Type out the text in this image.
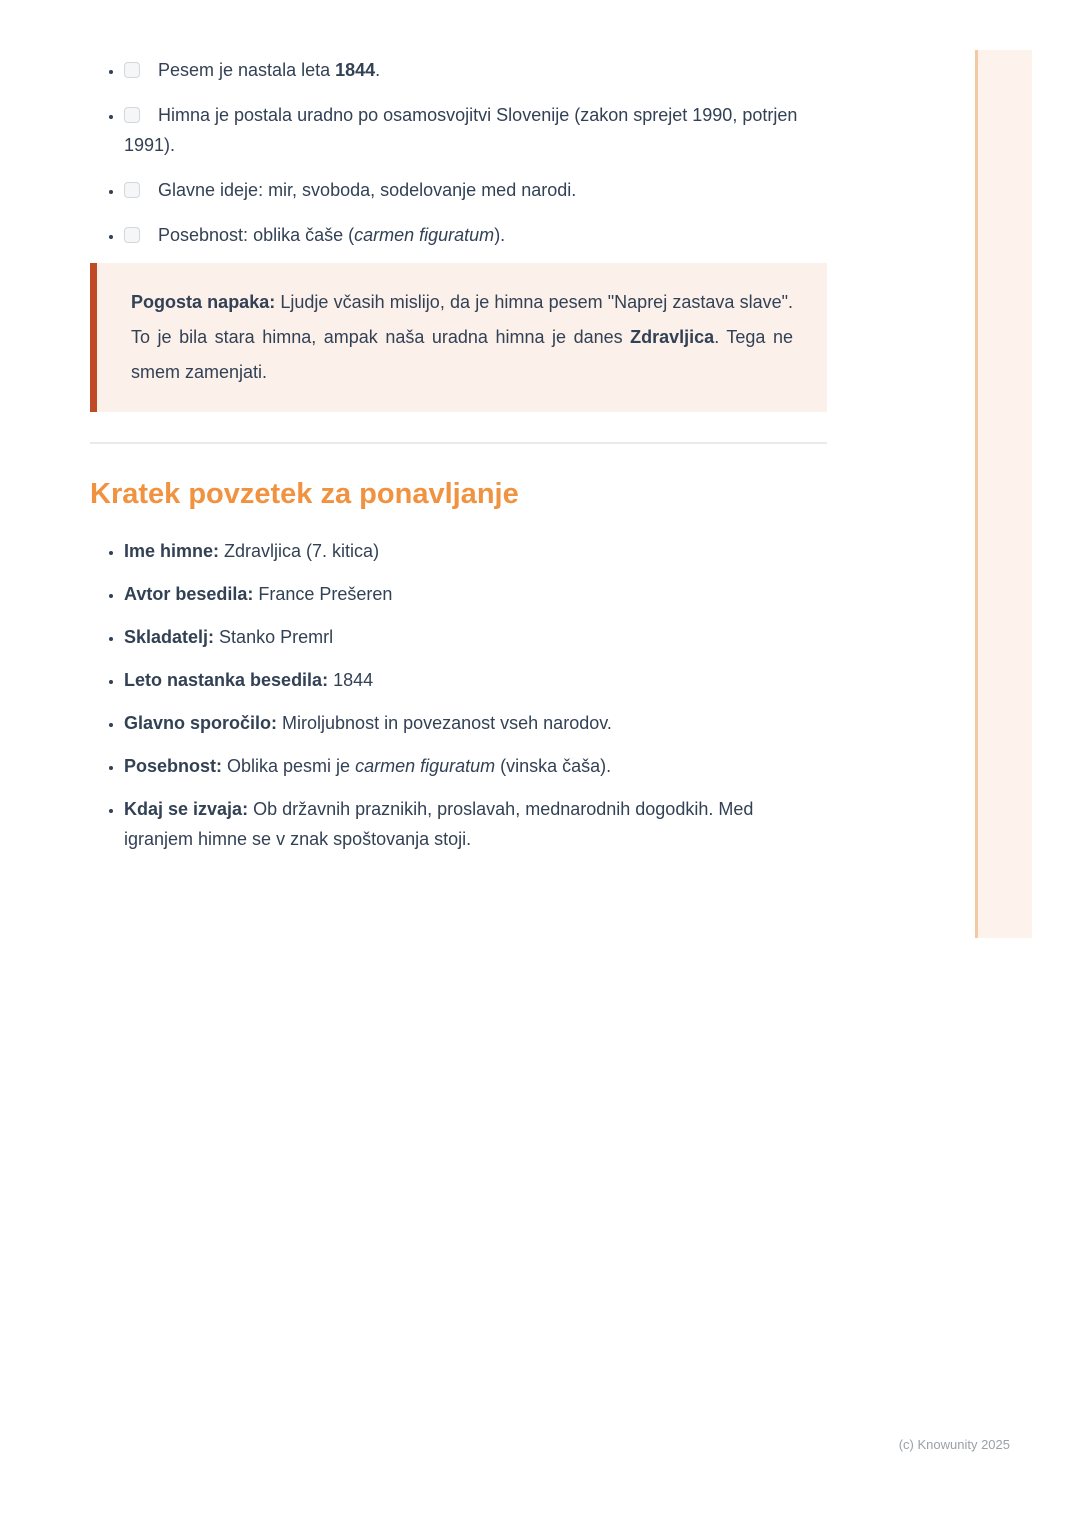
• Pesem je nastala leta 1844.
• Himna je postala uradno po osamosvojitvi Slovenije (zakon sprejet 1990, potrjen 1991).
• Glavne ideje: mir, svoboda, sodelovanje med narodi.
• Posebnost: oblika čaše (carmen figuratum).
Pogosta napaka: Ljudje včasih mislijo, da je himna pesem "Naprej zastava slave". To je bila stara himna, ampak naša uradna himna je danes Zdravljica. Tega ne smem zamenjati.
Kratek povzetek za ponavljanje
• Ime himne: Zdravljica (7. kitica)
• Avtor besedila: France Prešeren
• Skladatelj: Stanko Premrl
• Leto nastanka besedila: 1844
• Glavno sporočilo: Miroljubnost in povezanost vseh narodov.
• Posebnost: Oblika pesmi je carmen figuratum (vinska čaša).
• Kdaj se izvaja: Ob državnih praznikih, proslavah, mednarodnih dogodkih. Med igranjem himne se v znak spoštovanja stoji.
(c) Knowunity 2025
